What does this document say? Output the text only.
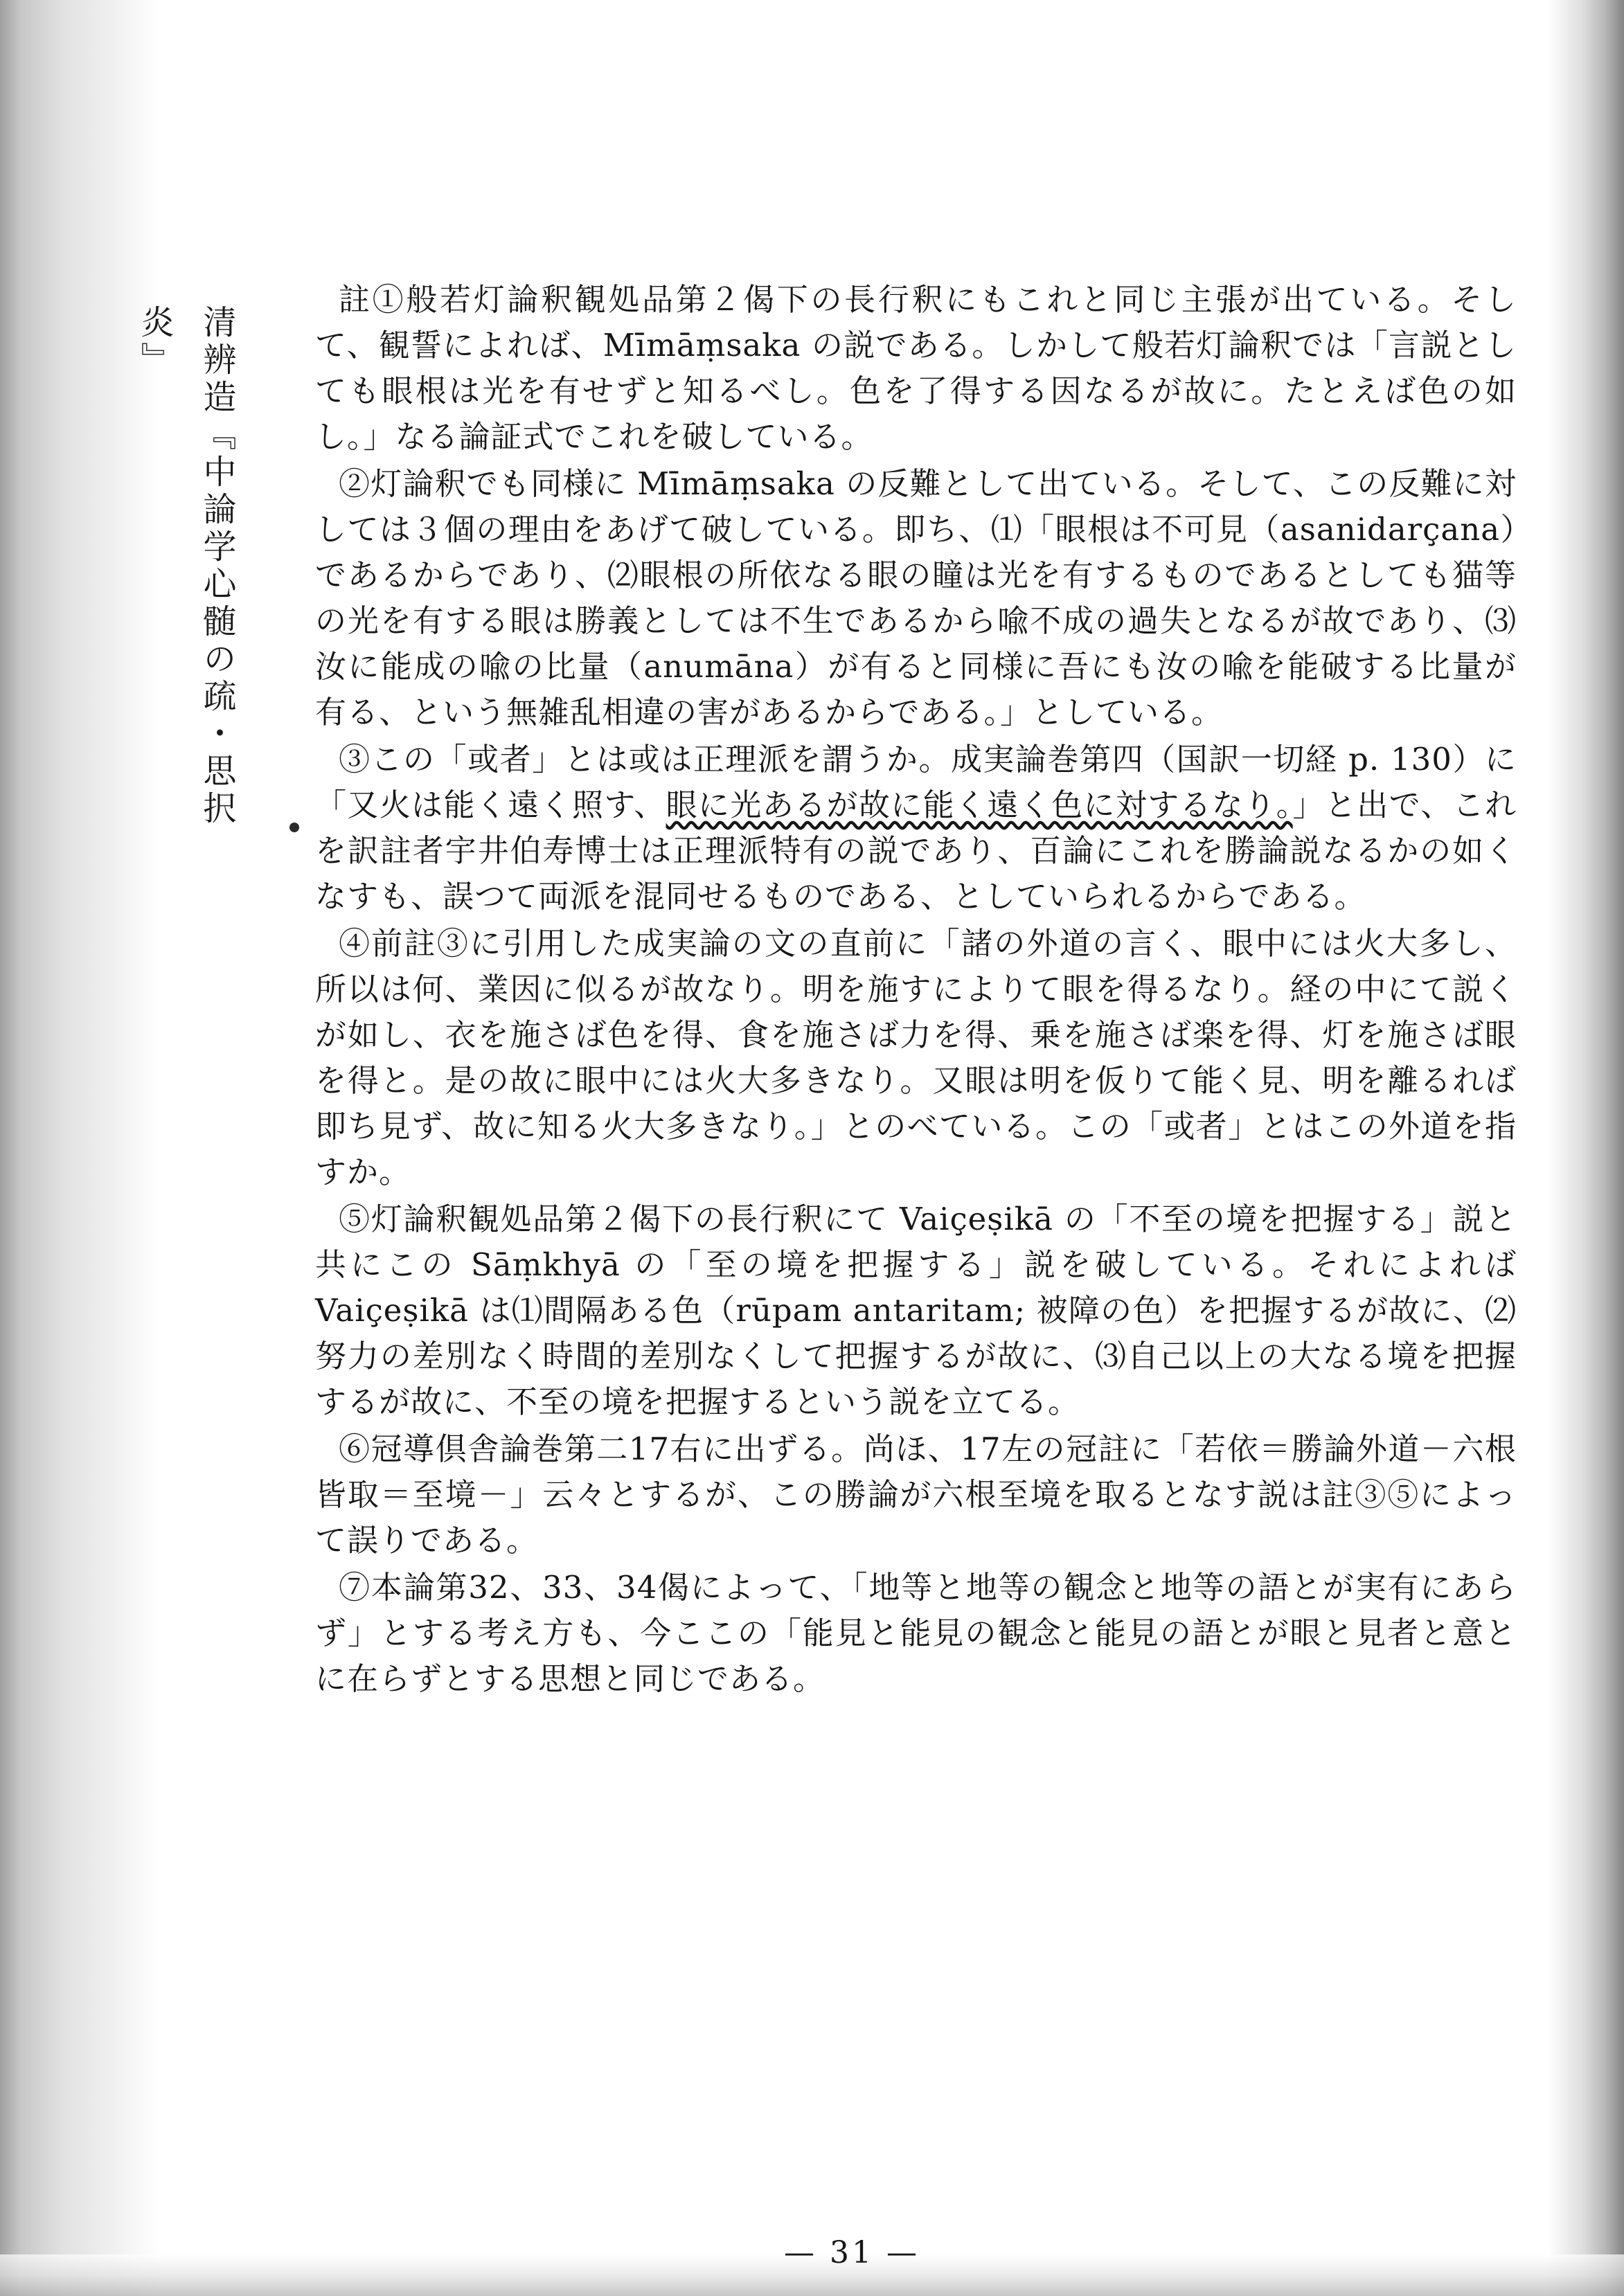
清辨造『中論学心髄の疏・思択炎』

註①般若灯論釈観処品第２偈下の長行釈にもこれと同じ主張が出ている。そして、観誓によれば、Mīmāṃsaka の説である。しかして般若灯論釈では「言説としても眼根は光を有せずと知るべし。色を了得する因なるが故に。たとえば色の如し。」なる論証式でこれを破している。

②灯論釈でも同様に Mīmāṃsaka の反難として出ている。そして、この反難に対しては３個の理由をあげて破している。即ち、⑴「眼根は不可見（asanidarçana）であるからであり、⑵眼根の所依なる眼の瞳は光を有するものであるとしても猫等の光を有する眼は勝義としては不生であるから喩不成の過失となるが故であり、⑶汝に能成の喩の比量（anumāna）が有ると同様に吾にも汝の喩を能破する比量が有る、という無雑乱相違の害があるからである。」としている。

③この「或者」とは或は正理派を謂うか。成実論巻第四（国訳一切経 p. 130）に「又火は能く遠く照す、眼に光あるが故に能く遠く色に対するなり。」と出で、これを訳註者宇井伯寿博士は正理派特有の説であり、百論にこれを勝論説なるかの如くなすも、誤つて両派を混同せるものである、としていられるからである。

④前註③に引用した成実論の文の直前に「諸の外道の言く、眼中には火大多し、所以は何、業因に似るが故なり。明を施すによりて眼を得るなり。経の中にて説くが如し、衣を施さば色を得、食を施さば力を得、乗を施さば楽を得、灯を施さば眼を得と。是の故に眼中には火大多きなり。又眼は明を仮りて能く見、明を離るれば即ち見ず、故に知る火大多きなり。」とのべている。この「或者」とはこの外道を指すか。

⑤灯論釈観処品第２偈下の長行釈にて Vaiçeṣikā の「不至の境を把握する」説と共にこの Sāṃkhyā の「至の境を把握する」説を破している。それによれば Vaiçeṣikā は⑴間隔ある色（rūpam antaritam; 被障の色）を把握するが故に、⑵努力の差別なく時間的差別なくして把握するが故に、⑶自己以上の大なる境を把握するが故に、不至の境を把握するという説を立てる。

⑥冠導倶舎論巻第二17右に出ずる。尚ほ、17左の冠註に「若依＝勝論外道－六根皆取＝至境－」云々とするが、この勝論が六根至境を取るとなす説は註③⑤によって誤りである。

⑦本論第32、33、34偈によって、「地等と地等の観念と地等の語とが実有にあらず」とする考え方も、今ここの「能見と能見の観念と能見の語とが眼と見者と意とに在らずとする思想と同じである。

— 31 —
